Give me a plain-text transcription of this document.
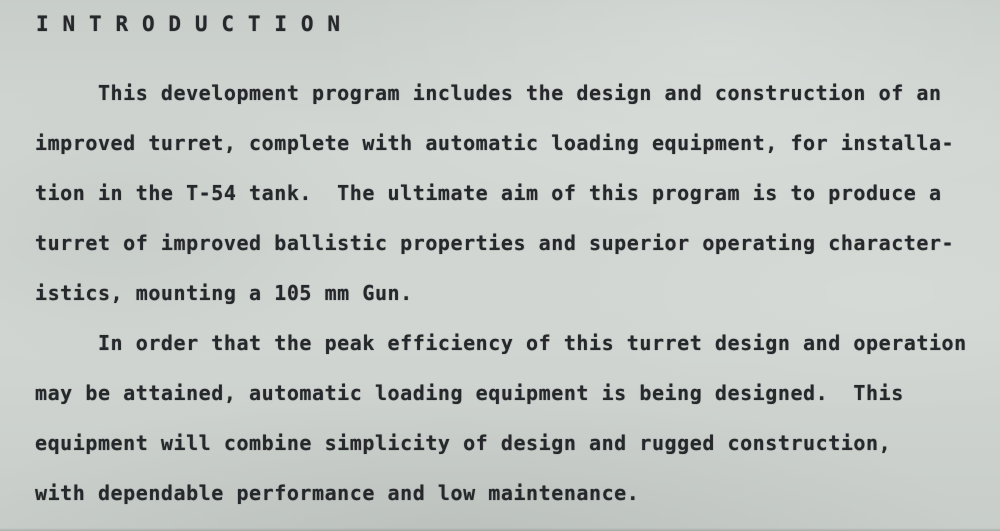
I N T R O D U C T I O N
This development program includes the design and construction of an
improved turret, complete with automatic loading equipment, for installa-
tion in the T-54 tank.  The ultimate aim of this program is to produce a
turret of improved ballistic properties and superior operating character-
istics, mounting a 105 mm Gun.
In order that the peak efficiency of this turret design and operation
may be attained, automatic loading equipment is being designed.  This
equipment will combine simplicity of design and rugged construction,
with dependable performance and low maintenance.
